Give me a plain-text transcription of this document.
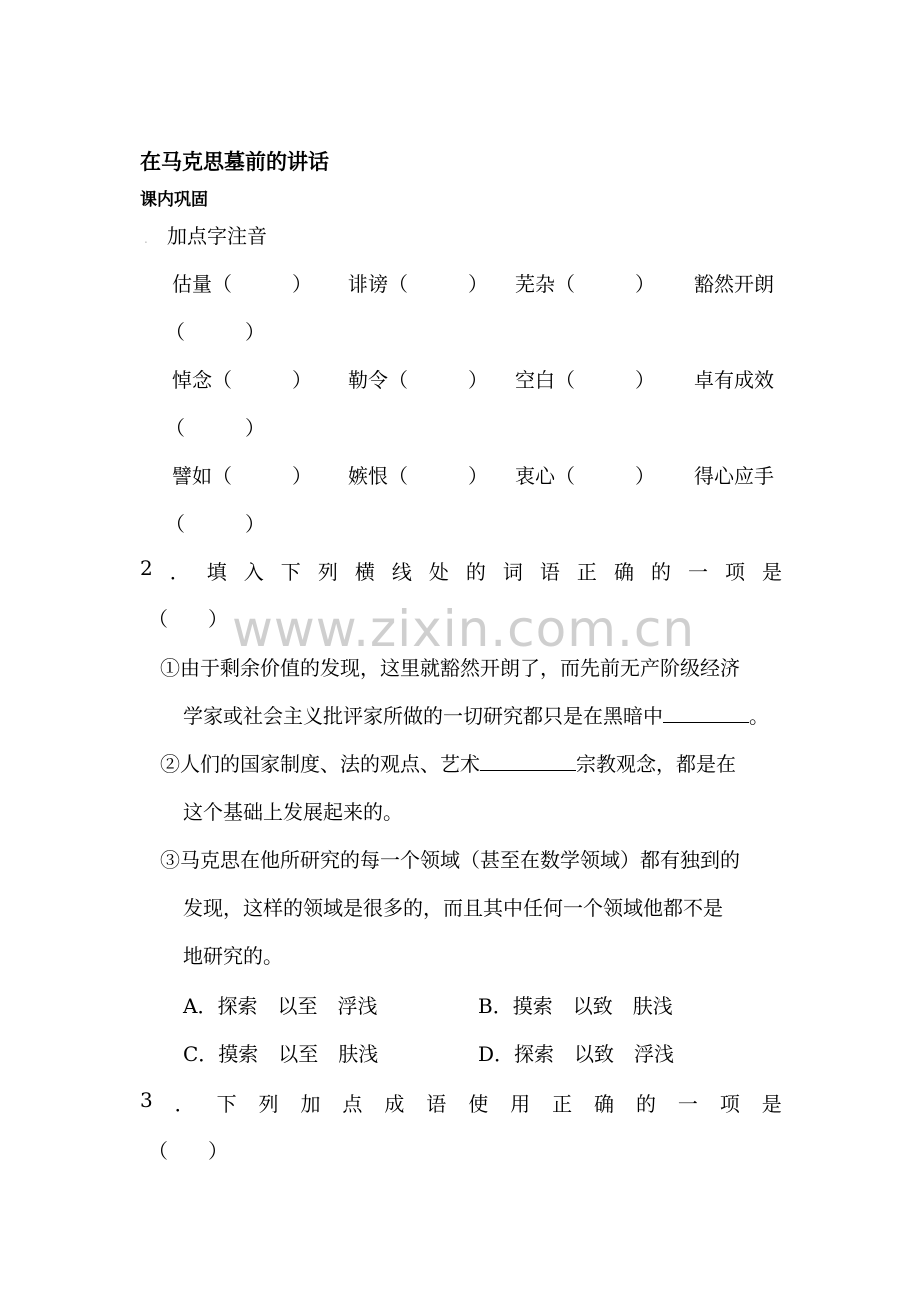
在马克思墓前的讲话
课内巩固
. 加点字注音
估量（　　　） 诽谤（　　　） 芜杂（　　　） 豁然开朗
（　　　）
悼念（　　　） 勒令（　　　） 空白（　　　） 卓有成效
（　　　）
譬如（　　　） 嫉恨（　　　） 衷心（　　　） 得心应手
（　　　）
2 ． 填 入 下 列 横 线 处 的 词 语 正 确 的 一 项 是
（　　）
①由于剩余价值的发现，这里就豁然开朗了，而先前无产阶级经济
学家或社会主义批评家所做的一切研究都只是在黑暗中	。
②人们的国家制度、法的观点、艺术	宗教观念，都是在
这个基础上发展起来的。
③马克思在他所研究的每一个领域（甚至在数学领域）都有独到的
发现，这样的领域是很多的，而且其中任何一个领域他都不是
地研究的。
A．探索　以至　浮浅	B．摸索　以致　肤浅
C．摸索　以至　肤浅	D．探索　以致　浮浅
3 ． 下 列 加 点 成 语 使 用 正 确 的 一 项 是
（　　）
www.zixin.com.cn
